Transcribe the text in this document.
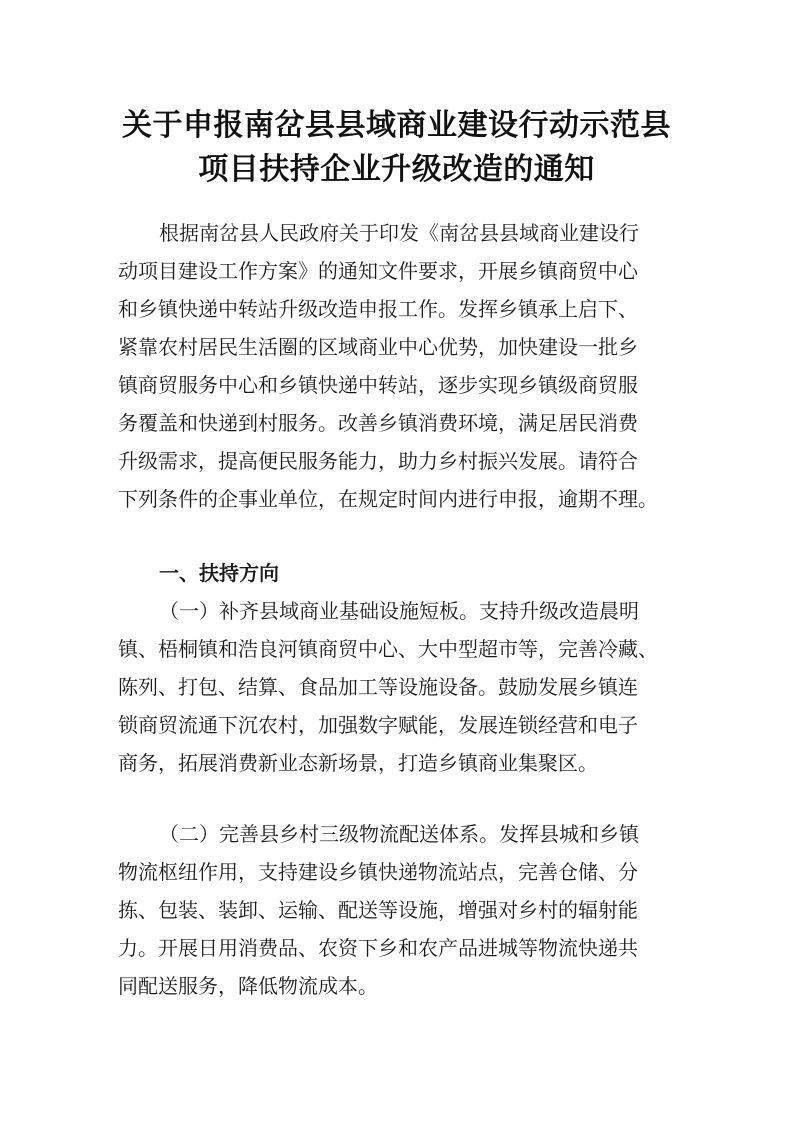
关于申报南岔县县域商业建设行动示范县
项目扶持企业升级改造的通知
根据南岔县人民政府关于印发《南岔县县域商业建设行
动项目建设工作方案》的通知文件要求，开展乡镇商贸中心
和乡镇快递中转站升级改造申报工作。发挥乡镇承上启下、
紧靠农村居民生活圈的区域商业中心优势，加快建设一批乡
镇商贸服务中心和乡镇快递中转站，逐步实现乡镇级商贸服
务覆盖和快递到村服务。改善乡镇消费环境，满足居民消费
升级需求，提高便民服务能力，助力乡村振兴发展。请符合
下列条件的企事业单位，在规定时间内进行申报，逾期不理。
一、扶持方向
（一）补齐县域商业基础设施短板。支持升级改造晨明
镇、梧桐镇和浩良河镇商贸中心、大中型超市等，完善冷藏、
陈列、打包、结算、食品加工等设施设备。鼓励发展乡镇连
锁商贸流通下沉农村，加强数字赋能，发展连锁经营和电子
商务，拓展消费新业态新场景，打造乡镇商业集聚区。
（二）完善县乡村三级物流配送体系。发挥县城和乡镇
物流枢纽作用，支持建设乡镇快递物流站点，完善仓储、分
拣、包装、装卸、运输、配送等设施，增强对乡村的辐射能
力。开展日用消费品、农资下乡和农产品进城等物流快递共
同配送服务，降低物流成本。
